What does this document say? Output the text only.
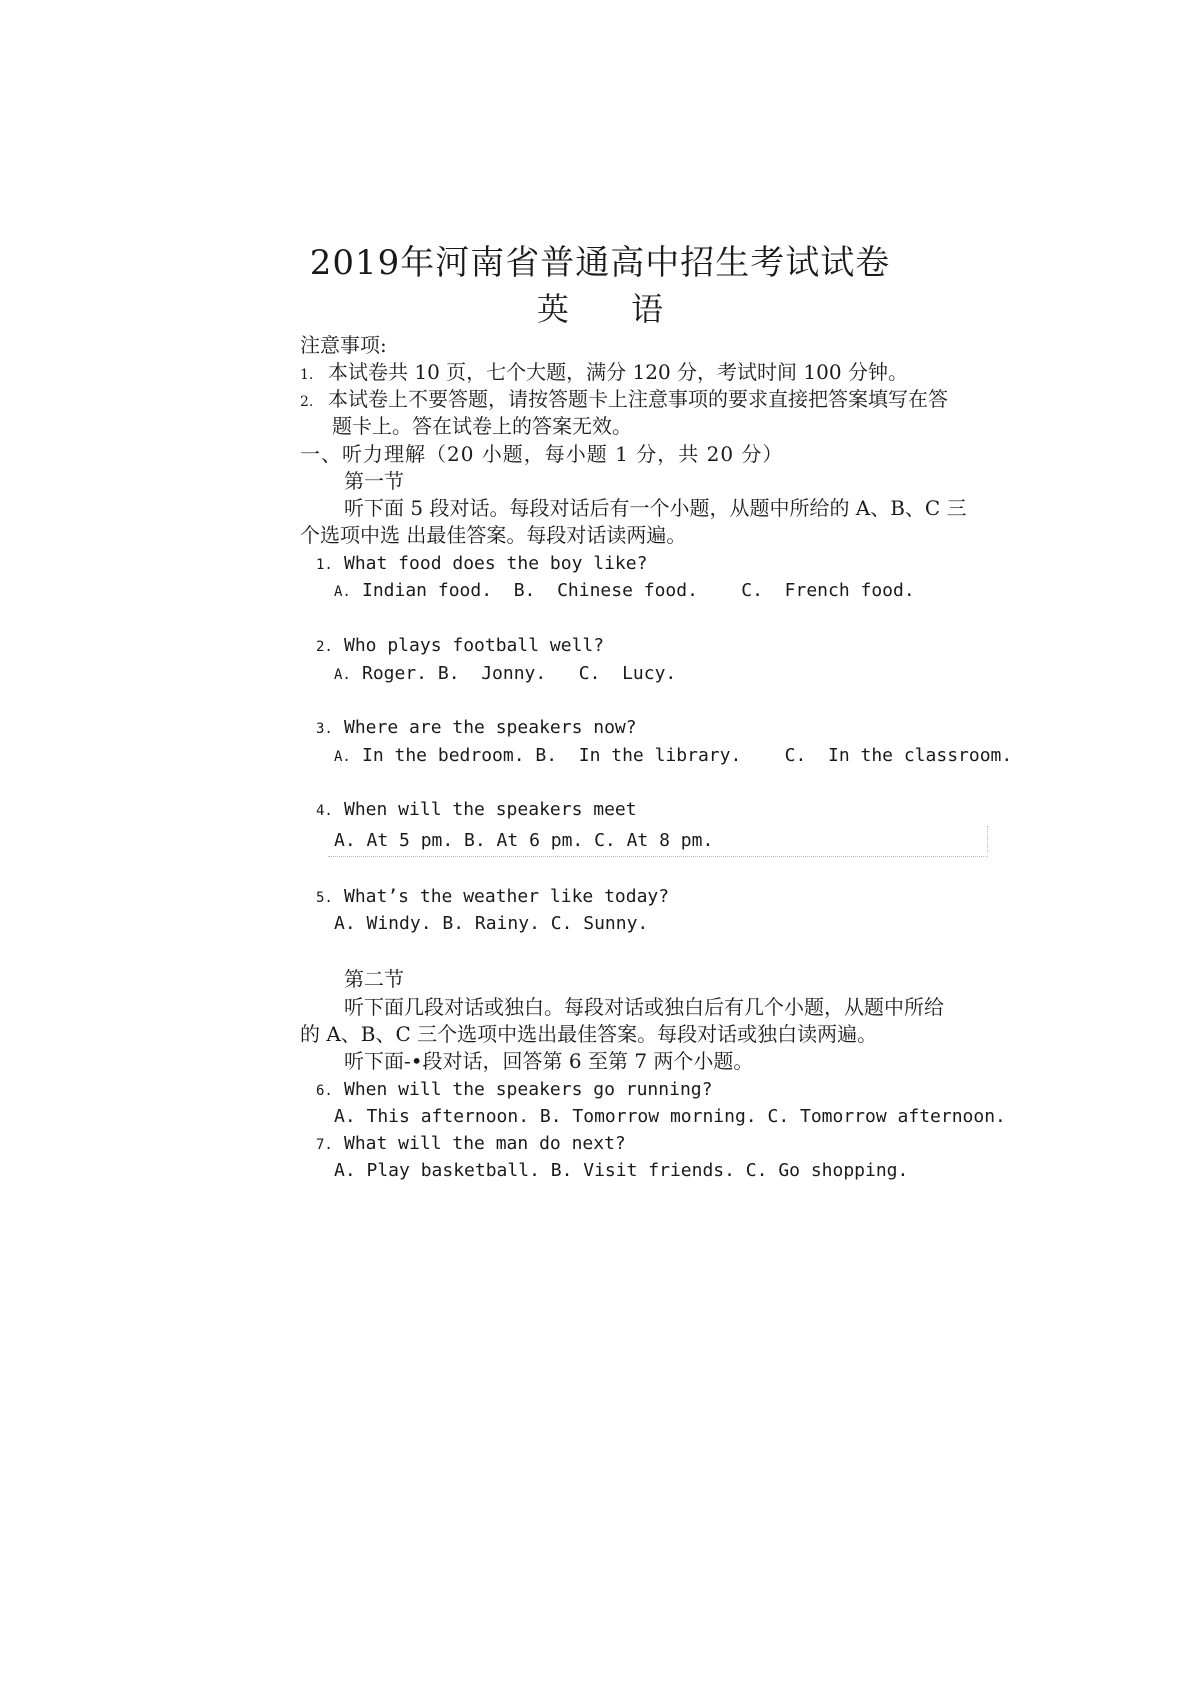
2019年河南省普通高中招生考试试卷
英 语
注意事项:
1. 本试卷共 10 页，七个大题，满分 120 分，考试时间 100 分钟。
2. 本试卷上不要答题，请按答题卡上注意事项的要求直接把答案填写在答
题卡上。答在试卷上的答案无效。
一、听力理解（20 小题，每小题 1 分，共 20 分）
第一节
听下面 5 段对话。每段对话后有一个小题，从题中所给的 A、B、C 三
个选项中选 出最佳答案。每段对话读两遍。
1. What food does the boy like?
A. Indian food.  B.  Chinese food.    C.  French food.
2. Who plays football well?
A. Roger. B.  Jonny.   C.  Lucy.
3. Where are the speakers now?
A. In the bedroom. B.  In the library.    C.  In the classroom.
4. When will the speakers meet
A. At 5 pm. B. At 6 pm. C. At 8 pm.
5. What’s the weather like today?
A. Windy. B. Rainy. C. Sunny.
第二节
听下面几段对话或独白。每段对话或独白后有几个小题，从题中所给
的 A、B、C 三个选项中选出最佳答案。每段对话或独白读两遍。
听下面-•段对话，回答第 6 至第 7 两个小题。
6. When will the speakers go running?
A. This afternoon. B. Tomorrow morning. C. Tomorrow afternoon.
7. What will the man do next?
A. Play basketball. B. Visit friends. C. Go shopping.
